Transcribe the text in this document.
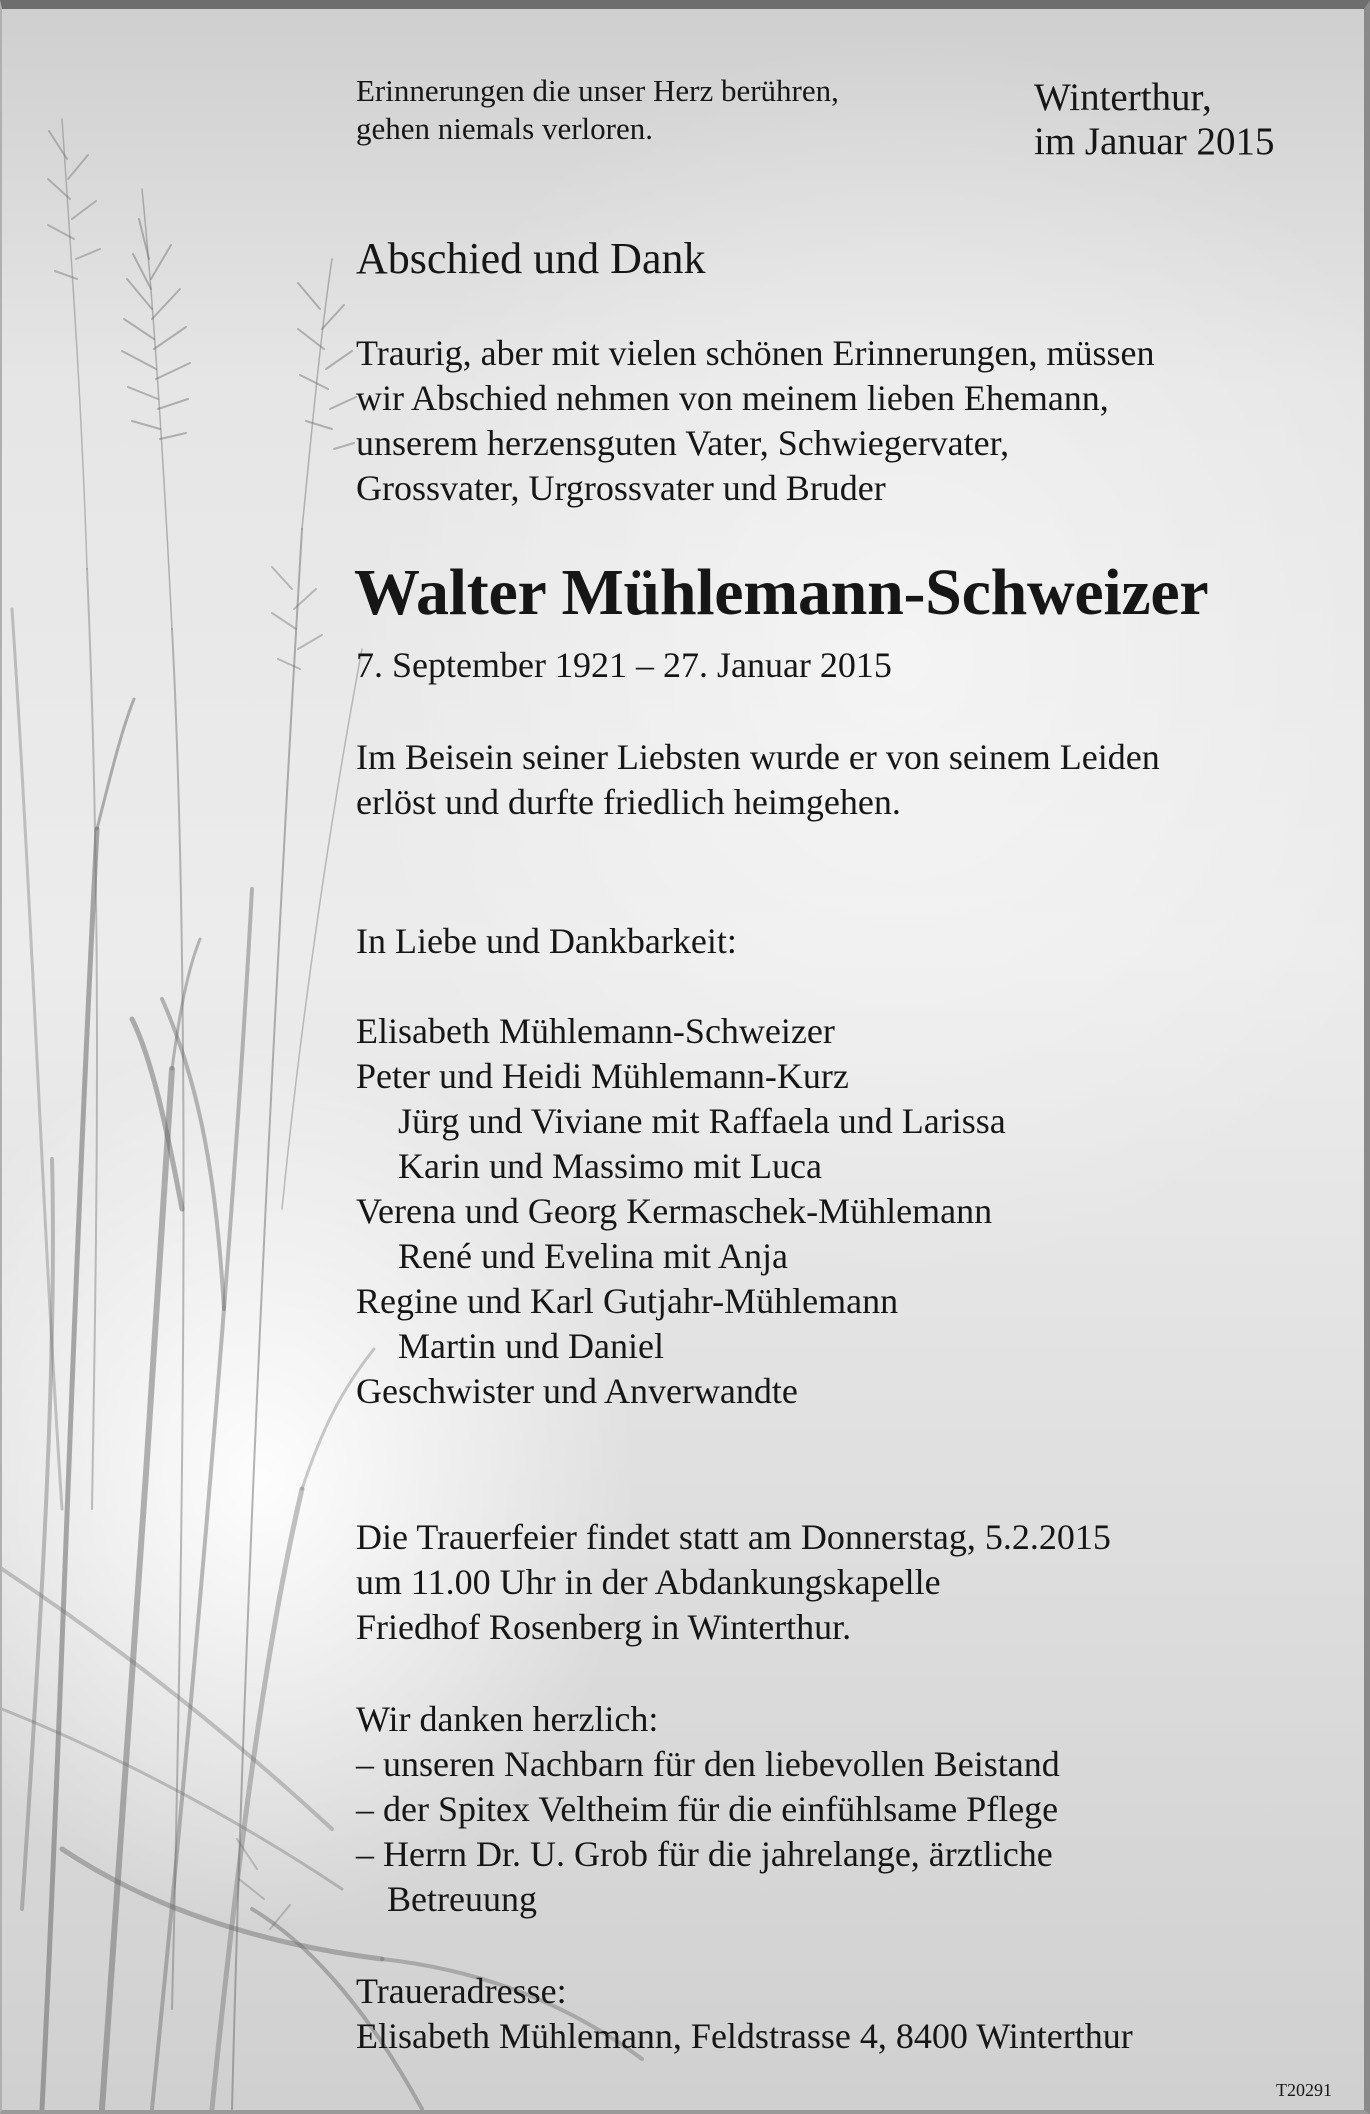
Erinnerungen die unser Herz berühren,
gehen niemals verloren.
Winterthur,
im Januar 2015
Abschied und Dank
Traurig, aber mit vielen schönen Erinnerungen, müssen
wir Abschied nehmen von meinem lieben Ehemann,
unserem herzensguten Vater, Schwiegervater,
Grossvater, Urgrossvater und Bruder
Walter Mühlemann-Schweizer
7. September 1921 – 27. Januar 2015
Im Beisein seiner Liebsten wurde er von seinem Leiden
erlöst und durfte friedlich heimgehen.
In Liebe und Dankbarkeit:
Elisabeth Mühlemann-Schweizer
Peter und Heidi Mühlemann-Kurz
Jürg und Viviane mit Raffaela und Larissa
Karin und Massimo mit Luca
Verena und Georg Kermaschek-Mühlemann
René und Evelina mit Anja
Regine und Karl Gutjahr-Mühlemann
Martin und Daniel
Geschwister und Anverwandte
Die Trauerfeier findet statt am Donnerstag, 5.2.2015
um 11.00 Uhr in der Abdankungskapelle
Friedhof Rosenberg in Winterthur.
Wir danken herzlich:
– unseren Nachbarn für den liebevollen Beistand
– der Spitex Veltheim für die einfühlsame Pflege
– Herrn Dr. U. Grob für die jahrelange, ärztliche
Betreuung
Traueradresse:
Elisabeth Mühlemann, Feldstrasse 4, 8400 Winterthur
T20291
